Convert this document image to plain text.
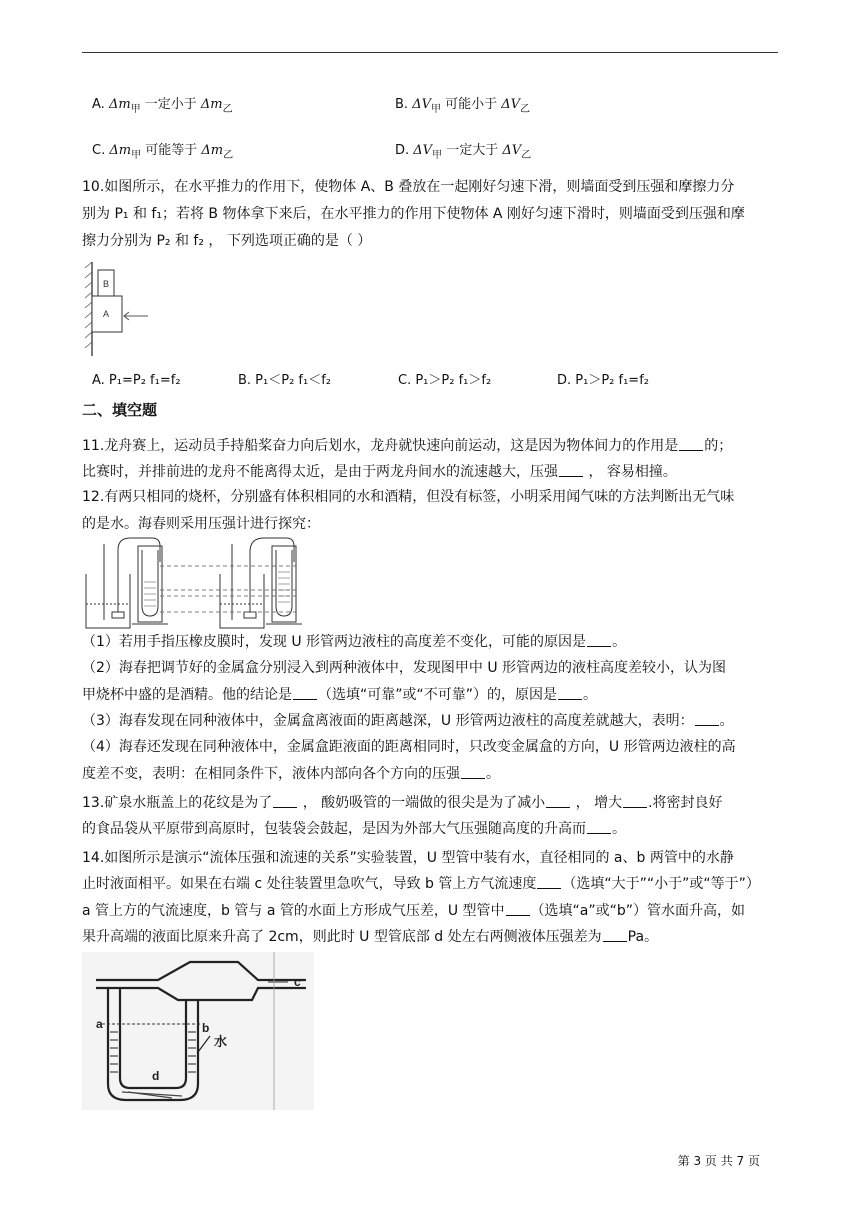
A. $\Delta m_甲$ 一定小于 $\Delta m_乙$	B. $\Delta V_甲$ 可能小于 $\Delta V_乙$
C. $\Delta m_甲$ 可能等于 $\Delta m_乙$	D. $\Delta V_甲$ 一定大于 $\Delta V_乙$
10.如图所示，在水平推力的作用下，使物体 A、B 叠放在一起刚好匀速下滑，则墙面受到压强和摩擦力分
别为 P₁ 和 f₁；若将 B 物体拿下来后，在水平推力的作用下使物体 A 刚好匀速下滑时，则墙面受到压强和摩
擦力分别为 P₂ 和 f₂ ， 下列选项正确的是（ ）
B
A
A. P₁=P₂ f₁=f₂	B. P₁＜P₂ f₁＜f₂	C. P₁＞P₂ f₁＞f₂	D. P₁＞P₂ f₁=f₂
二、填空题
11.龙舟赛上，运动员手持船桨奋力向后划水，龙舟就快速向前运动，这是因为物体间力的作用是 的；
比赛时，并排前进的龙舟不能离得太近，是由于两龙舟间水的流速越大，压强 ， 容易相撞。
12.有两只相同的烧杯，分别盛有体积相同的水和酒精，但没有标签，小明采用闻气味的方法判断出无气味
的是水。海春则采用压强计进行探究：
（1）若用手指压橡皮膜时，发现 U 形管两边液柱的高度差不变化，可能的原因是 。
（2）海春把调节好的金属盒分别浸入到两种液体中，发现图甲中 U 形管两边的液柱高度差较小，认为图
甲烧杯中盛的是酒精。他的结论是 （选填“可靠”或“不可靠”）的，原因是 。
（3）海春发现在同种液体中，金属盒离液面的距离越深，U 形管两边液柱的高度差就越大，表明： 。
（4）海春还发现在同种液体中，金属盒距液面的距离相同时，只改变金属盒的方向，U 形管两边液柱的高
度差不变，表明：在相同条件下，液体内部向各个方向的压强 。
13.矿泉水瓶盖上的花纹是为了 ， 酸奶吸管的一端做的很尖是为了减小 ， 增大 .将密封良好
的食品袋从平原带到高原时，包装袋会鼓起，是因为外部大气压强随高度的升高而 。
14.如图所示是演示“流体压强和流速的关系”实验装置，U 型管中装有水，直径相同的 a、b 两管中的水静
止时液面相平。如果在右端 c 处往装置里急吹气，导致 b 管上方气流速度 （选填“大于”“小于”或“等于”）
a 管上方的气流速度，b 管与 a 管的水面上方形成气压差，U 型管中 （选填“a”或“b”）管水面升高，如
果升高端的液面比原来升高了 2cm，则此时 U 型管底部 d 处左右两侧液体压强差为 Pa。
a	b
c
d
水
第 3 页 共 7 页
